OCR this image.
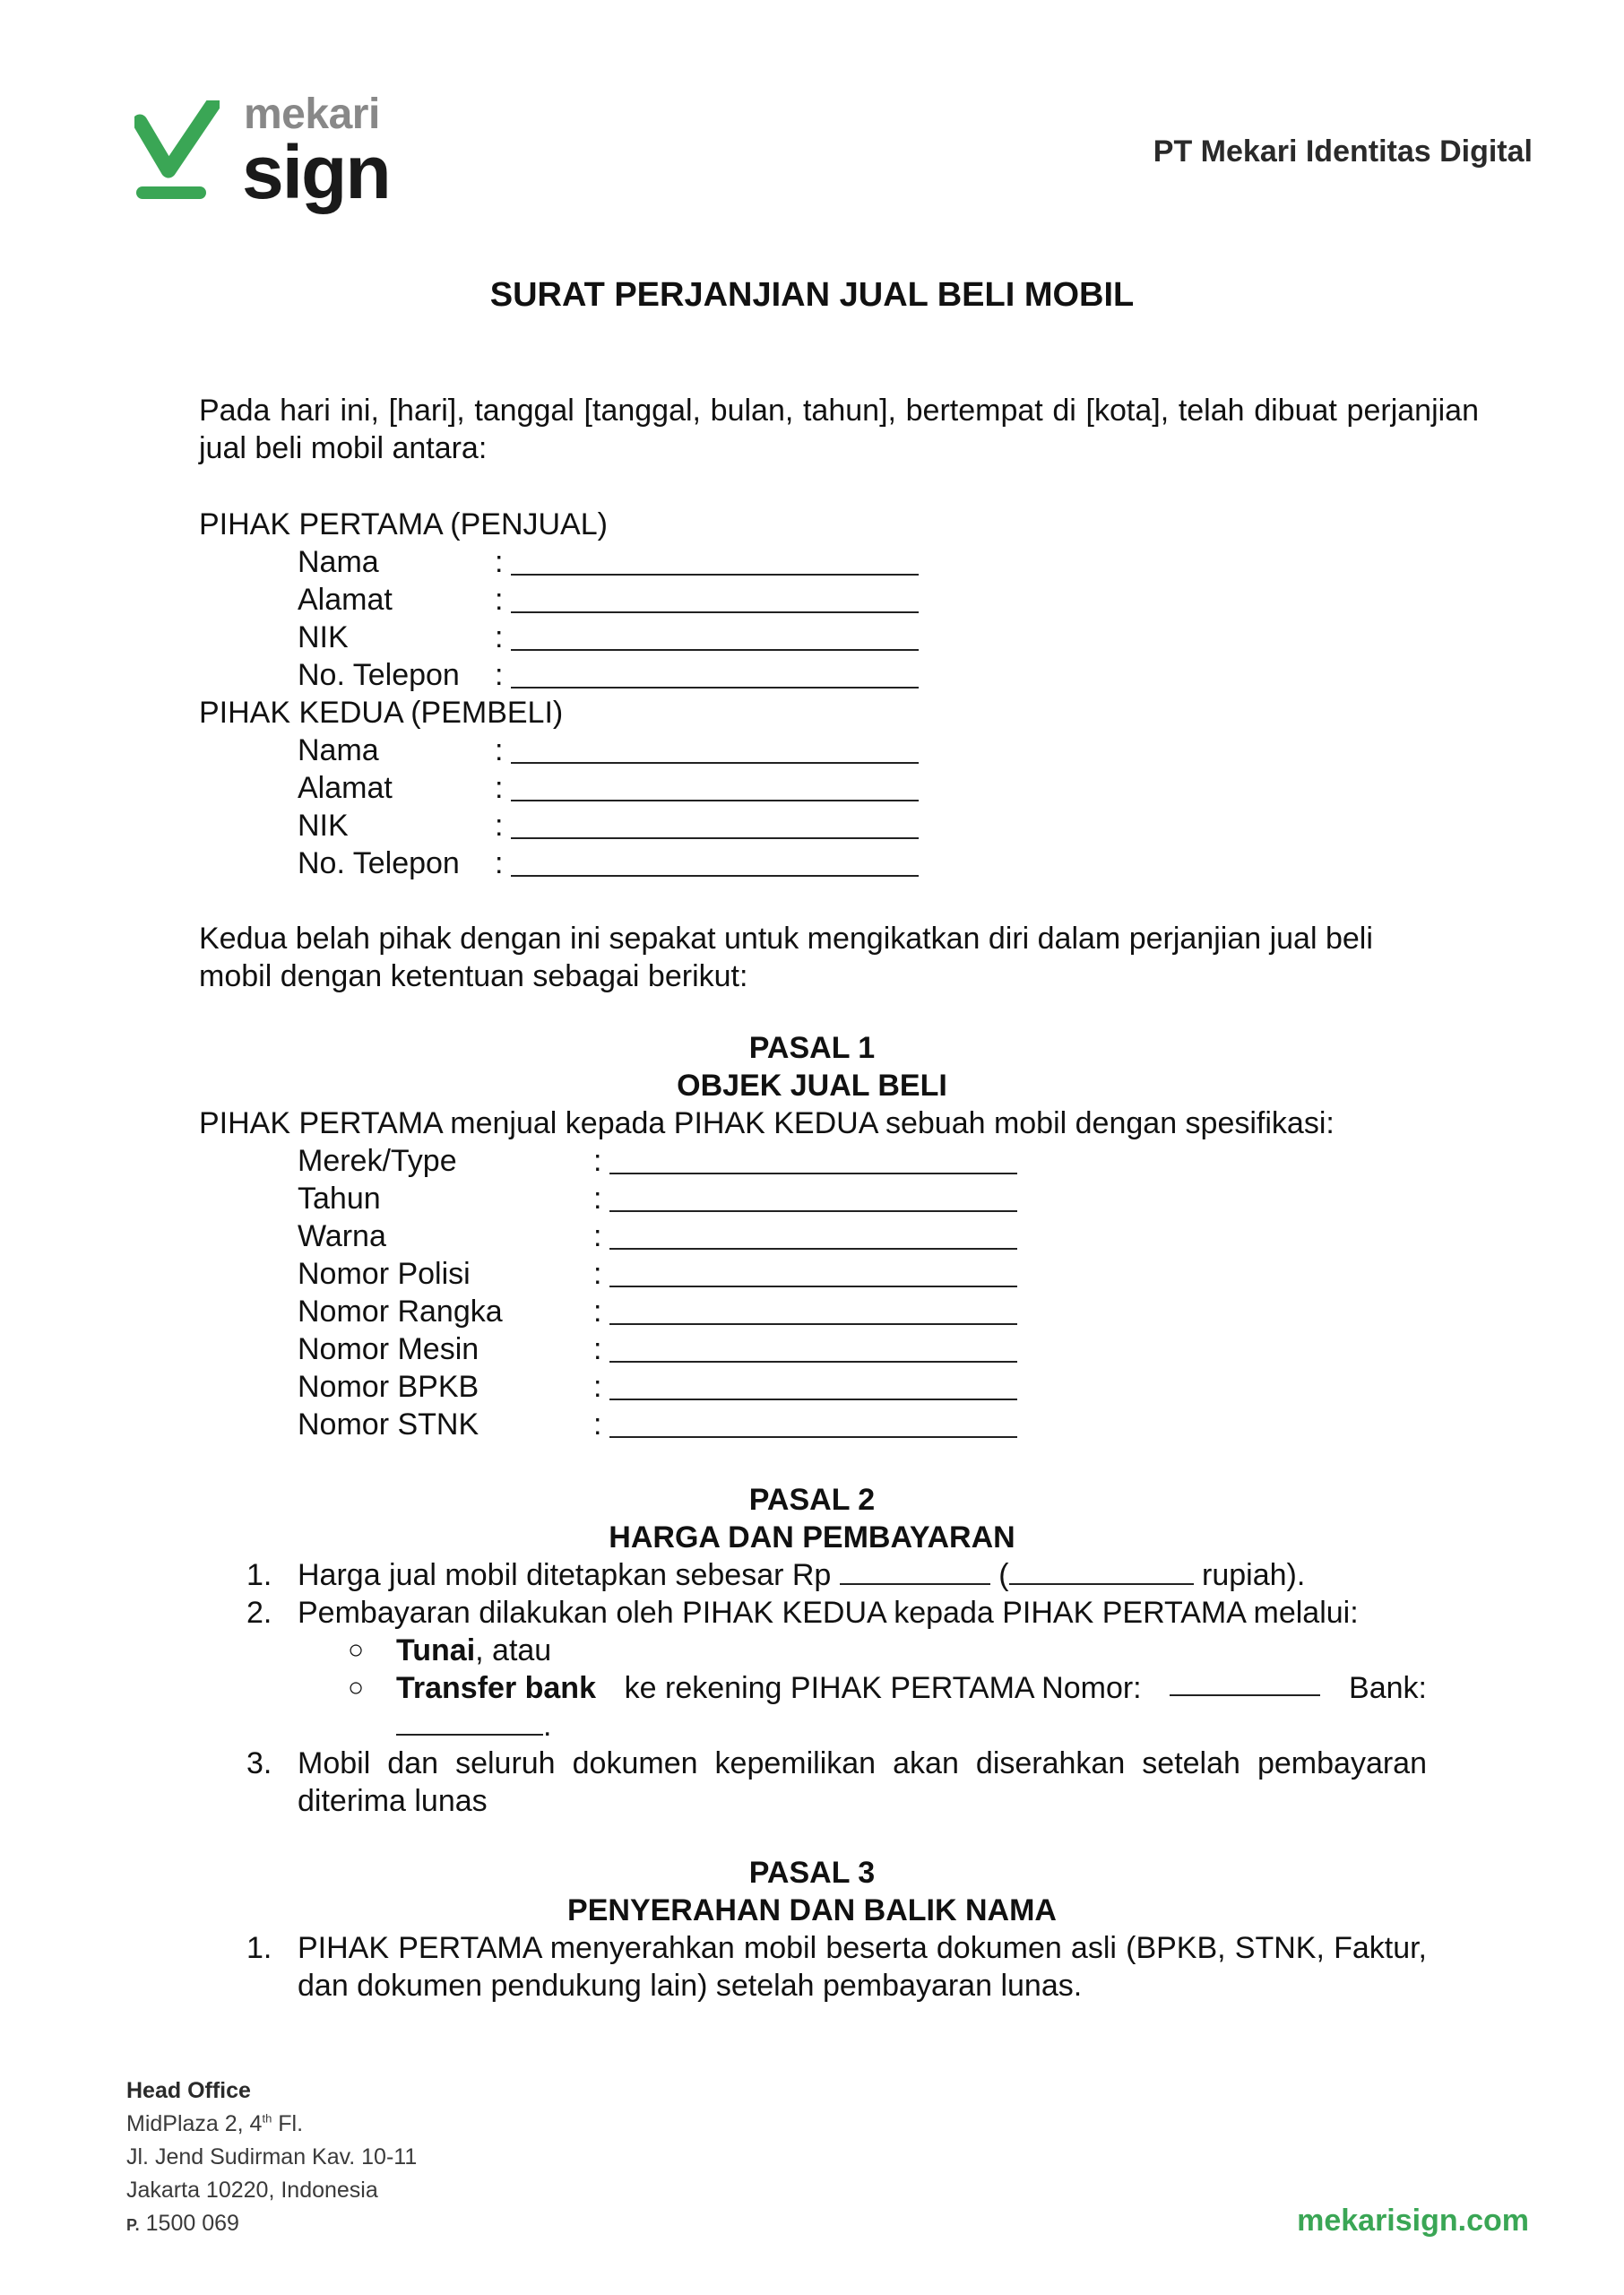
mekari
sign	PT Mekari Identitas Digital
SURAT PERJANJIAN JUAL BELI MOBIL
Pada hari ini, [hari], tanggal [tanggal, bulan, tahun], bertempat di [kota], telah dibuat perjanjian
jual beli mobil antara:
PIHAK PERTAMA (PENJUAL)
Nama	:
Alamat	:
NIK	:
No. Telepon :
PIHAK KEDUA (PEMBELI)
Nama	:
Alamat	:
NIK	:
No. Telepon :
Kedua belah pihak dengan ini sepakat untuk mengikatkan diri dalam perjanjian jual beli
mobil dengan ketentuan sebagai berikut:
PASAL 1
OBJEK JUAL BELI
PIHAK PERTAMA menjual kepada PIHAK KEDUA sebuah mobil dengan spesifikasi:
Merek/Type	:
Tahun	:
Warna	:
Nomor Polisi	:
Nomor Rangka	:
Nomor Mesin	:
Nomor BPKB	:
Nomor STNK	:
PASAL 2
HARGA DAN PEMBAYARAN
1. Harga jual mobil ditetapkan sebesar Rp	(	rupiah).
2. Pembayaran dilakukan oleh PIHAK KEDUA kepada PIHAK PERTAMA melalui:
○ Tunai, atau
○ Transfer bank ke rekening PIHAK PERTAMA Nomor:	Bank:
.
3. Mobil dan seluruh dokumen kepemilikan akan diserahkan setelah pembayaran
diterima lunas
PASAL 3
PENYERAHAN DAN BALIK NAMA
1. PIHAK PERTAMA menyerahkan mobil beserta dokumen asli (BPKB, STNK, Faktur,
dan dokumen pendukung lain) setelah pembayaran lunas.
Head Office
MidPlaza 2, 4th Fl.
Jl. Jend Sudirman Kav. 10-11
Jakarta 10220, Indonesia
P. 1500 069	mekarisign.com
